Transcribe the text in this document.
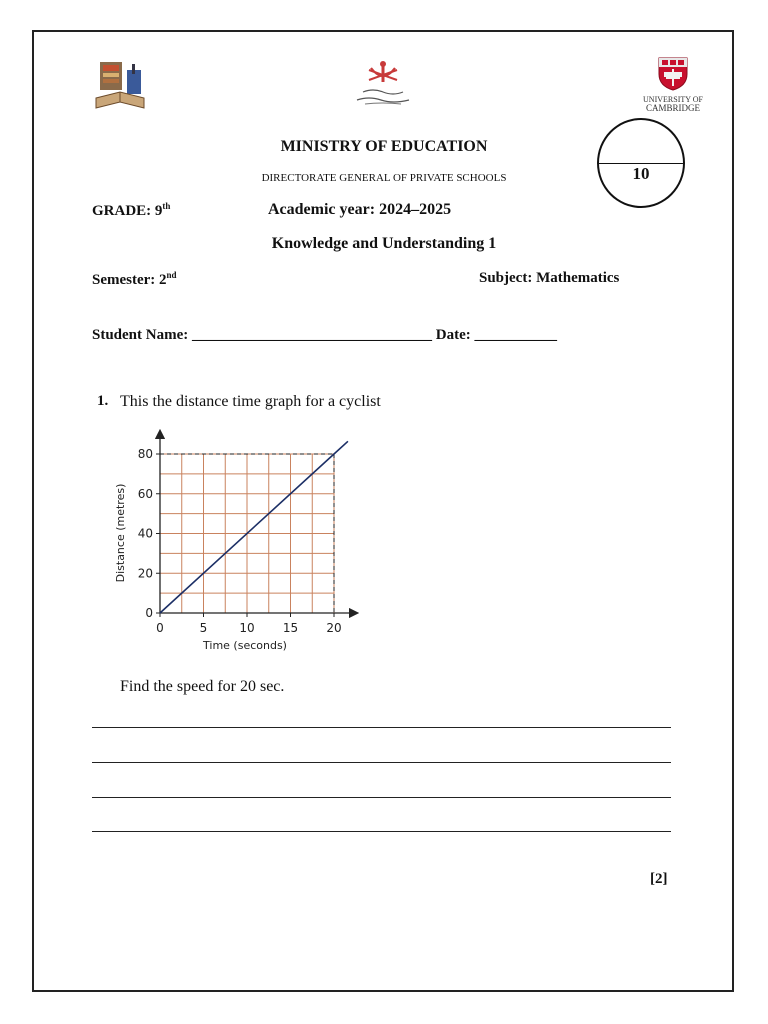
UNIVERSITY OF
CAMBRIDGE
MINISTRY OF EDUCATION
DIRECTORATE GENERAL OF PRIVATE SCHOOLS
GRADE: 9th	Academic year: 2024–2025
Knowledge and Understanding 1
Semester: 2nd	Subject: Mathematics
Student Name: ________________________________ Date: ___________
10
1. This the distance time graph for a cyclist
0	5	10 15 20
0
20
40
60
80
Time (seconds)
Distance (metres)
Find the speed for 20 sec.
[2]
